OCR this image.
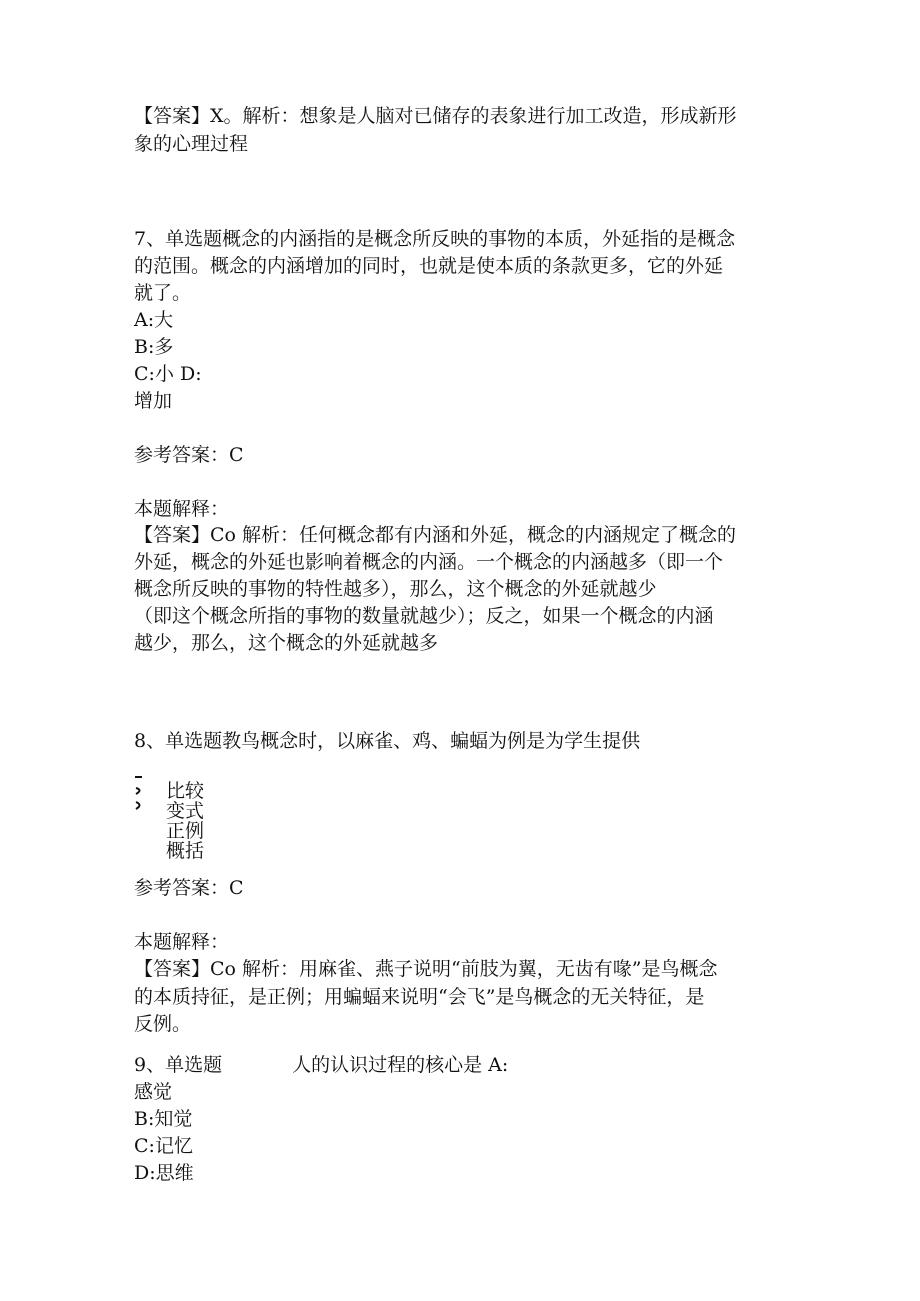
【答案】X。解析：想象是人脑对已储存的表象进行加工改造，形成新形
象的心理过程
7、单选题概念的内涵指的是概念所反映的事物的本质，外延指的是概念
的范围。概念的内涵增加的同时，也就是使本质的条款更多，它的外延
就了。
A:大
B:多
C:小 D:
增加
参考答案：C
本题解释：
【答案】Co 解析：任何概念都有内涵和外延，概念的内涵规定了概念的
外延，概念的外延也影响着概念的内涵。一个概念的内涵越多（即一个
概念所反映的事物的特性越多），那么，这个概念的外延就越少
（即这个概念所指的事物的数量就越少）；反之，如果一个概念的内涵
越少，那么，这个概念的外延就越多
8、单选题教鸟概念时，以麻雀、鸡、蝙蝠为例是为学生提供
比较
变式
正例
概括
参考答案：C
本题解释：
【答案】Co 解析：用麻雀、燕子说明“前肢为翼，无齿有喙”是鸟概念
的本质持征，是正例；用蝙蝠来说明“会飞”是鸟概念的无关特征，是
反例。
9、单选题	人的认识过程的核心是 A:
感觉
B:知觉
C:记忆
D:思维
